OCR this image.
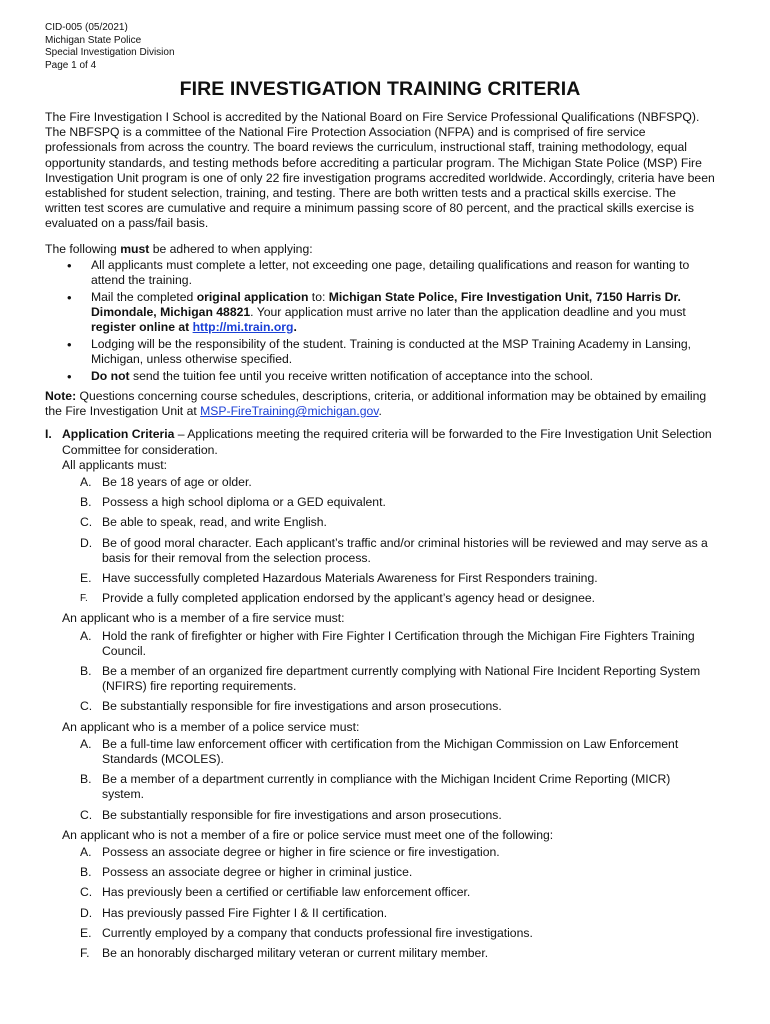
CID-005 (05/2021)
Michigan State Police
Special Investigation Division
Page 1 of 4
FIRE INVESTIGATION TRAINING CRITERIA

The Fire Investigation I School is accredited by the National Board on Fire Service Professional Qualifications (NBFSPQ). The NBFSPQ is a committee of the National Fire Protection Association (NFPA) and is comprised of fire service professionals from across the country. The board reviews the curriculum, instructional staff, training methodology, equal opportunity standards, and testing methods before accrediting a particular program. The Michigan State Police (MSP) Fire Investigation Unit program is one of only 22 fire investigation programs accredited worldwide. Accordingly, criteria have been established for student selection, training, and testing. There are both written tests and a practical skills exercise. The written test scores are cumulative and require a minimum passing score of 80 percent, and the practical skills exercise is evaluated on a pass/fail basis.

The following must be adhered to when applying:

• All applicants must complete a letter, not exceeding one page, detailing qualifications and reason for wanting to attend the training.
• Mail the completed original application to: Michigan State Police, Fire Investigation Unit, 7150 Harris Dr. Dimondale, Michigan 48821. Your application must arrive no later than the application deadline and you must register online at http://mi.train.org.
• Lodging will be the responsibility of the student. Training is conducted at the MSP Training Academy in Lansing, Michigan, unless otherwise specified.
• Do not send the tuition fee until you receive written notification of acceptance into the school.
Note: Questions concerning course schedules, descriptions, criteria, or additional information may be obtained by emailing the Fire Investigation Unit at MSP-FireTraining@michigan.gov.
I. Application Criteria – Applications meeting the required criteria will be forwarded to the Fire Investigation Unit Selection Committee for consideration.
All applicants must:
A. Be 18 years of age or older.
B. Possess a high school diploma or a GED equivalent.
C. Be able to speak, read, and write English.
D. Be of good moral character. Each applicant’s traffic and/or criminal histories will be reviewed and may serve as a basis for their removal from the selection process.
E. Have successfully completed Hazardous Materials Awareness for First Responders training.
F. Provide a fully completed application endorsed by the applicant’s agency head or designee.
An applicant who is a member of a fire service must:
A. Hold the rank of firefighter or higher with Fire Fighter I Certification through the Michigan Fire Fighters Training Council.
B. Be a member of an organized fire department currently complying with National Fire Incident Reporting System (NFIRS) fire reporting requirements.
C. Be substantially responsible for fire investigations and arson prosecutions.
An applicant who is a member of a police service must:
A. Be a full-time law enforcement officer with certification from the Michigan Commission on Law Enforcement Standards (MCOLES).
B. Be a member of a department currently in compliance with the Michigan Incident Crime Reporting (MICR) system.
C. Be substantially responsible for fire investigations and arson prosecutions.
An applicant who is not a member of a fire or police service must meet one of the following:
A. Possess an associate degree or higher in fire science or fire investigation.
B. Possess an associate degree or higher in criminal justice.
C. Has previously been a certified or certifiable law enforcement officer.
D. Has previously passed Fire Fighter I & II certification.
E. Currently employed by a company that conducts professional fire investigations.
F. Be an honorably discharged military veteran or current military member.
